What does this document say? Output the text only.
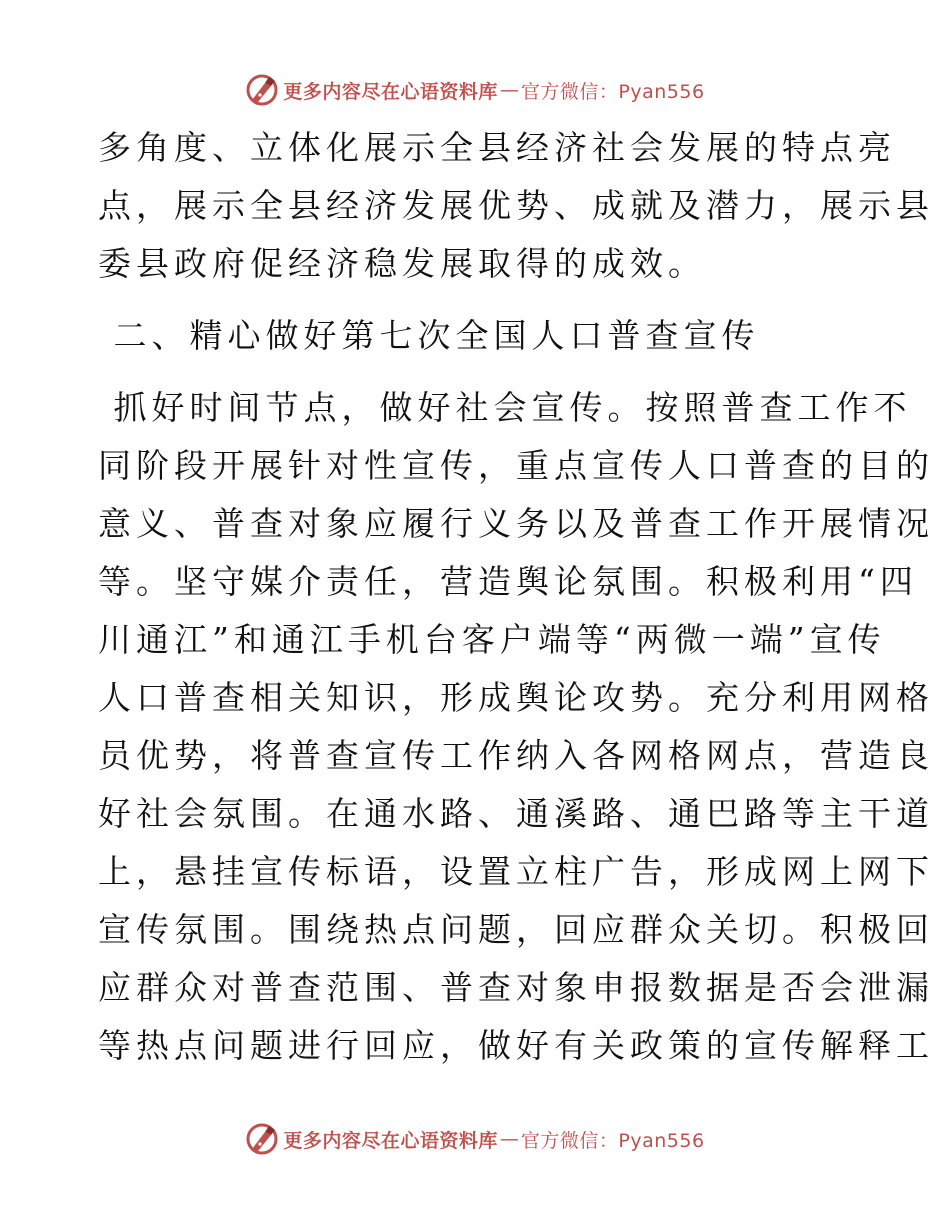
更多内容尽在心语资料库 — 官方微信：Pyan556

多角度、立体化展示全县经济社会发展的特点亮
点，展示全县经济发展优势、成就及潜力，展示县
委县政府促经济稳发展取得的成效。

二、精心做好第七次全国人口普查宣传

抓好时间节点，做好社会宣传。按照普查工作不
同阶段开展针对性宣传，重点宣传人口普查的目的
意义、普查对象应履行义务以及普查工作开展情况
等。坚守媒介责任，营造舆论氛围。积极利用“四
川通江”和通江手机台客户端等“两微一端”宣传
人口普查相关知识，形成舆论攻势。充分利用网格
员优势，将普查宣传工作纳入各网格网点，营造良
好社会氛围。在通水路、通溪路、通巴路等主干道
上，悬挂宣传标语，设置立柱广告，形成网上网下
宣传氛围。围绕热点问题，回应群众关切。积极回
应群众对普查范围、普查对象申报数据是否会泄漏
等热点问题进行回应，做好有关政策的宣传解释工

更多内容尽在心语资料库 — 官方微信：Pyan556
